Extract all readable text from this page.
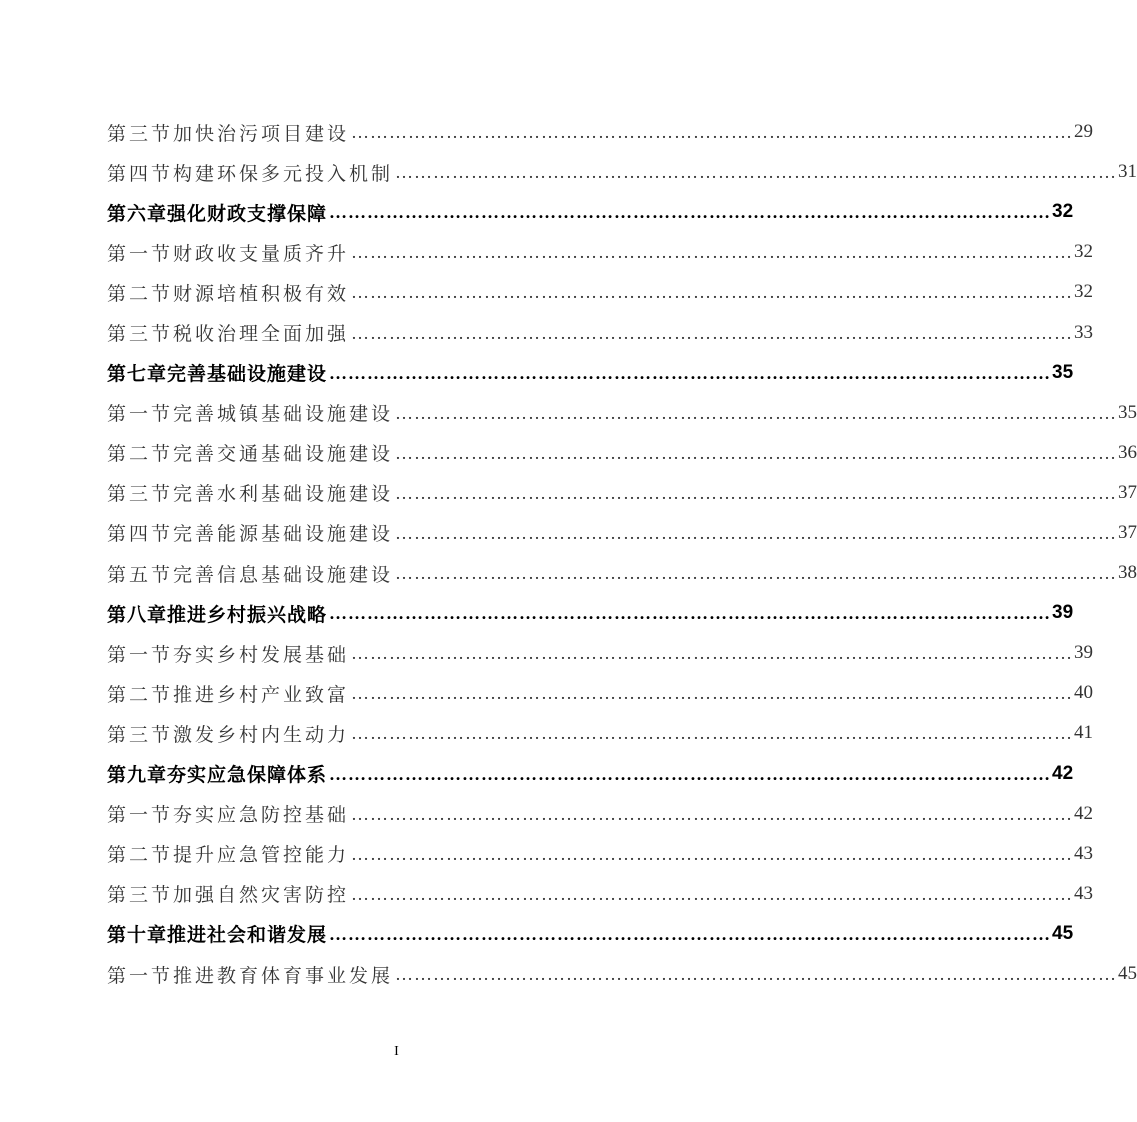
第三节 加快治污项目建设 …………………………………………………………………………………………………… 29
第四节 构建环保多元投入机制 …………………………………………………………………………………………………… 31
第六章 强化财政支撑保障 …………………………………………………………………………………………………… 32
第一节 财政收支量质齐升 …………………………………………………………………………………………………… 32
第二节 财源培植积极有效 …………………………………………………………………………………………………… 32
第三节 税收治理全面加强 …………………………………………………………………………………………………… 33
第七章 完善基础设施建设 …………………………………………………………………………………………………… 35
第一节 完善城镇基础设施建设 …………………………………………………………………………………………………… 35
第二节 完善交通基础设施建设 …………………………………………………………………………………………………… 36
第三节 完善水利基础设施建设 …………………………………………………………………………………………………… 37
第四节 完善能源基础设施建设 …………………………………………………………………………………………………… 37
第五节 完善信息基础设施建设 …………………………………………………………………………………………………… 38
第八章 推进乡村振兴战略 …………………………………………………………………………………………………… 39
第一节 夯实乡村发展基础 …………………………………………………………………………………………………… 39
第二节 推进乡村产业致富 …………………………………………………………………………………………………… 40
第三节 激发乡村内生动力 …………………………………………………………………………………………………… 41
第九章 夯实应急保障体系 …………………………………………………………………………………………………… 42
第一节 夯实应急防控基础 …………………………………………………………………………………………………… 42
第二节 提升应急管控能力 …………………………………………………………………………………………………… 43
第三节 加强自然灾害防控 …………………………………………………………………………………………………… 43
第十章 推进社会和谐发展 …………………………………………………………………………………………………… 45
第一节 推进教育体育事业发展 …………………………………………………………………………………………………… 45
I
